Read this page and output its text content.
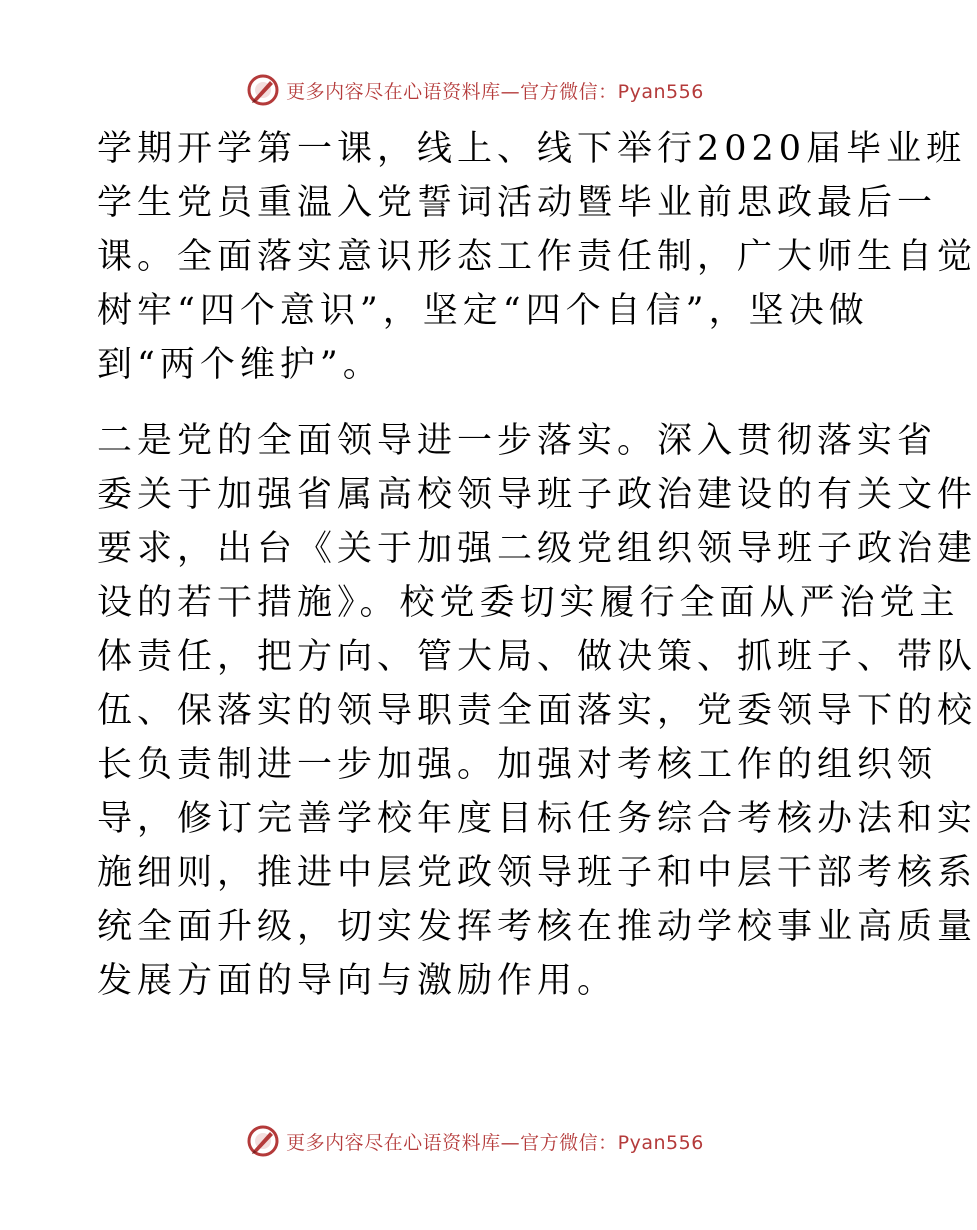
更多内容尽在心语资料库—官方微信：Pyan556
学期开学第一课，线上、线下举行2020届毕业班
学生党员重温入党誓词活动暨毕业前思政最后一
课。全面落实意识形态工作责任制，广大师生自觉
树牢“四个意识”，坚定“四个自信”，坚决做
到“两个维护”。
二是党的全面领导进一步落实。深入贯彻落实省
委关于加强省属高校领导班子政治建设的有关文件
要求，出台《关于加强二级党组织领导班子政治建
设的若干措施》。校党委切实履行全面从严治党主
体责任，把方向、管大局、做决策、抓班子、带队
伍、保落实的领导职责全面落实，党委领导下的校
长负责制进一步加强。加强对考核工作的组织领
导，修订完善学校年度目标任务综合考核办法和实
施细则，推进中层党政领导班子和中层干部考核系
统全面升级，切实发挥考核在推动学校事业高质量
发展方面的导向与激励作用。
更多内容尽在心语资料库—官方微信：Pyan556
